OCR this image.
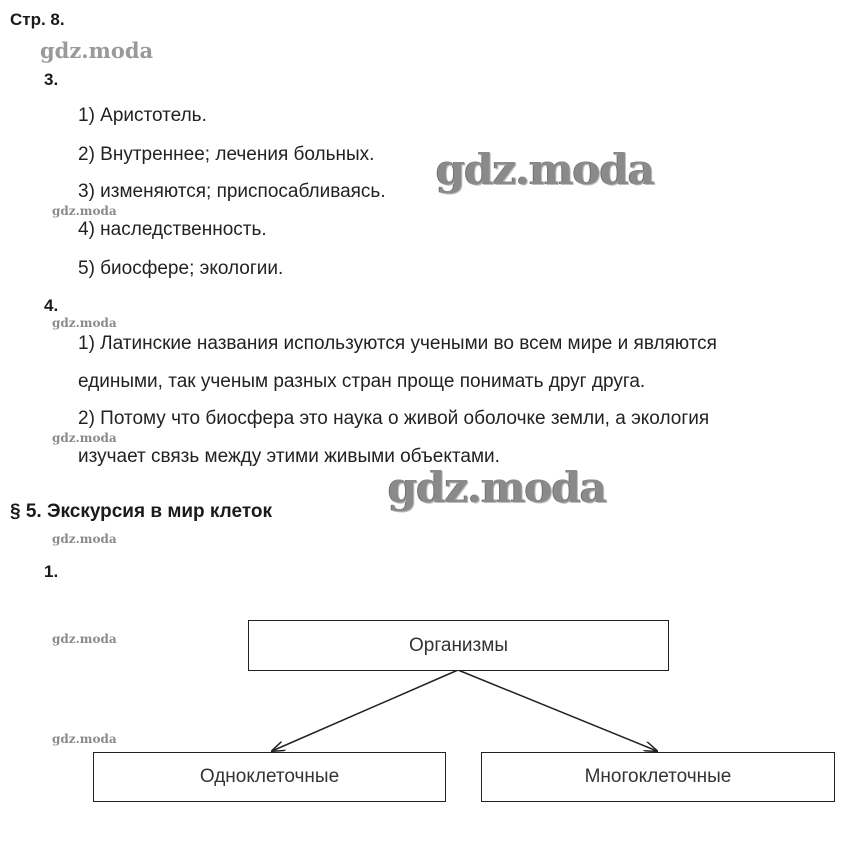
Стр. 8.
gdz.moda
3.
1) Аристотель.
2) Внутреннее; лечения больных.
3) изменяются; приспосабливаясь.
gdz.moda
4) наследственность.
5) биосфере; экологии.
gdz.moda
4.
gdz.moda
1) Латинские названия используются учеными во всем мире и являются
едиными, так ученым разных стран проще понимать друг друга.
2) Потому что биосфера это наука о живой оболочке земли, а экология
gdz.moda
изучает связь между этими живыми объектами.
gdz.moda
§ 5. Экскурсия в мир клеток
gdz.moda
1.
gdz.moda
gdz.moda
Организмы
Одноклеточные	Многоклеточные
